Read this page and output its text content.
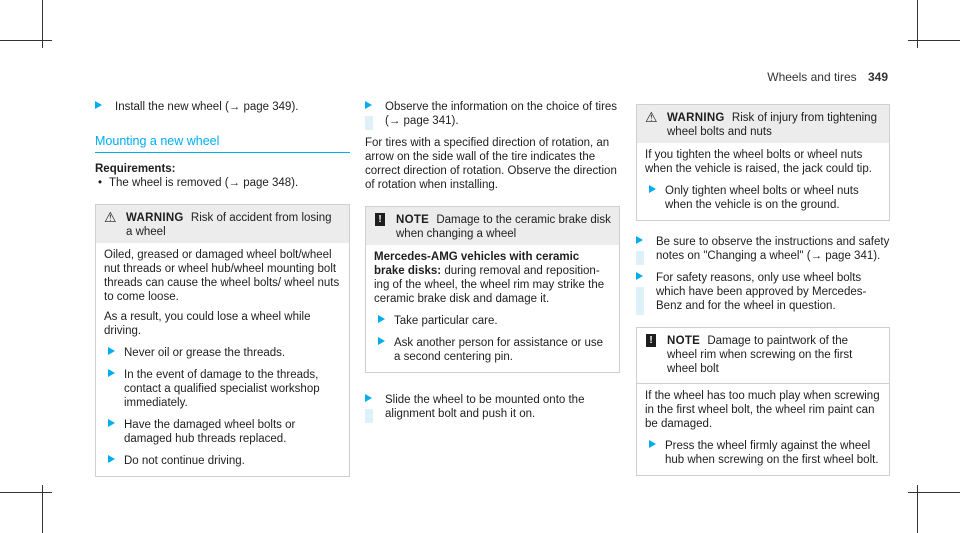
Wheels and tires 349
Install the new wheel (→ page 349).
Mounting a new wheel
Requirements:
• The wheel is removed (→ page 348).
⚠ WARNING Risk of accident from losing a wheel

Oiled, greased or damaged wheel bolt/wheel nut threads or wheel hub/wheel mounting bolt threads can cause the wheel bolts/ wheel nuts to come loose.

As a result, you could lose a wheel while driving.

Never oil or grease the threads.
In the event of damage to the threads, contact a qualified specialist workshop immediately.
Have the damaged wheel bolts or damaged hub threads replaced.
Do not continue driving.
Observe the information on the choice of tires (→ page 341).

For tires with a specified direction of rotation, an arrow on the side wall of the tire indicates the correct direction of rotation. Observe the direction of rotation when installing.

! NOTE Damage to the ceramic brake disk when changing a wheel

Mercedes-AMG vehicles with ceramic brake disks: during removal and reposition-ing of the wheel, the wheel rim may strike the ceramic brake disk and damage it.

Take particular care.
Ask another person for assistance or use a second centering pin.
Slide the wheel to be mounted onto the alignment bolt and push it on.
⚠ WARNING Risk of injury from tightening wheel bolts and nuts

If you tighten the wheel bolts or wheel nuts when the vehicle is raised, the jack could tip.

Only tighten wheel bolts or wheel nuts when the vehicle is on the ground.
Be sure to observe the instructions and safety notes on "Changing a wheel" (→ page 341).
For safety reasons, only use wheel bolts which have been approved by Mercedes-Benz and for the wheel in question.
! NOTE Damage to paintwork of the wheel rim when screwing on the first wheel bolt

If the wheel has too much play when screwing in the first wheel bolt, the wheel rim paint can be damaged.

Press the wheel firmly against the wheel hub when screwing on the first wheel bolt.
